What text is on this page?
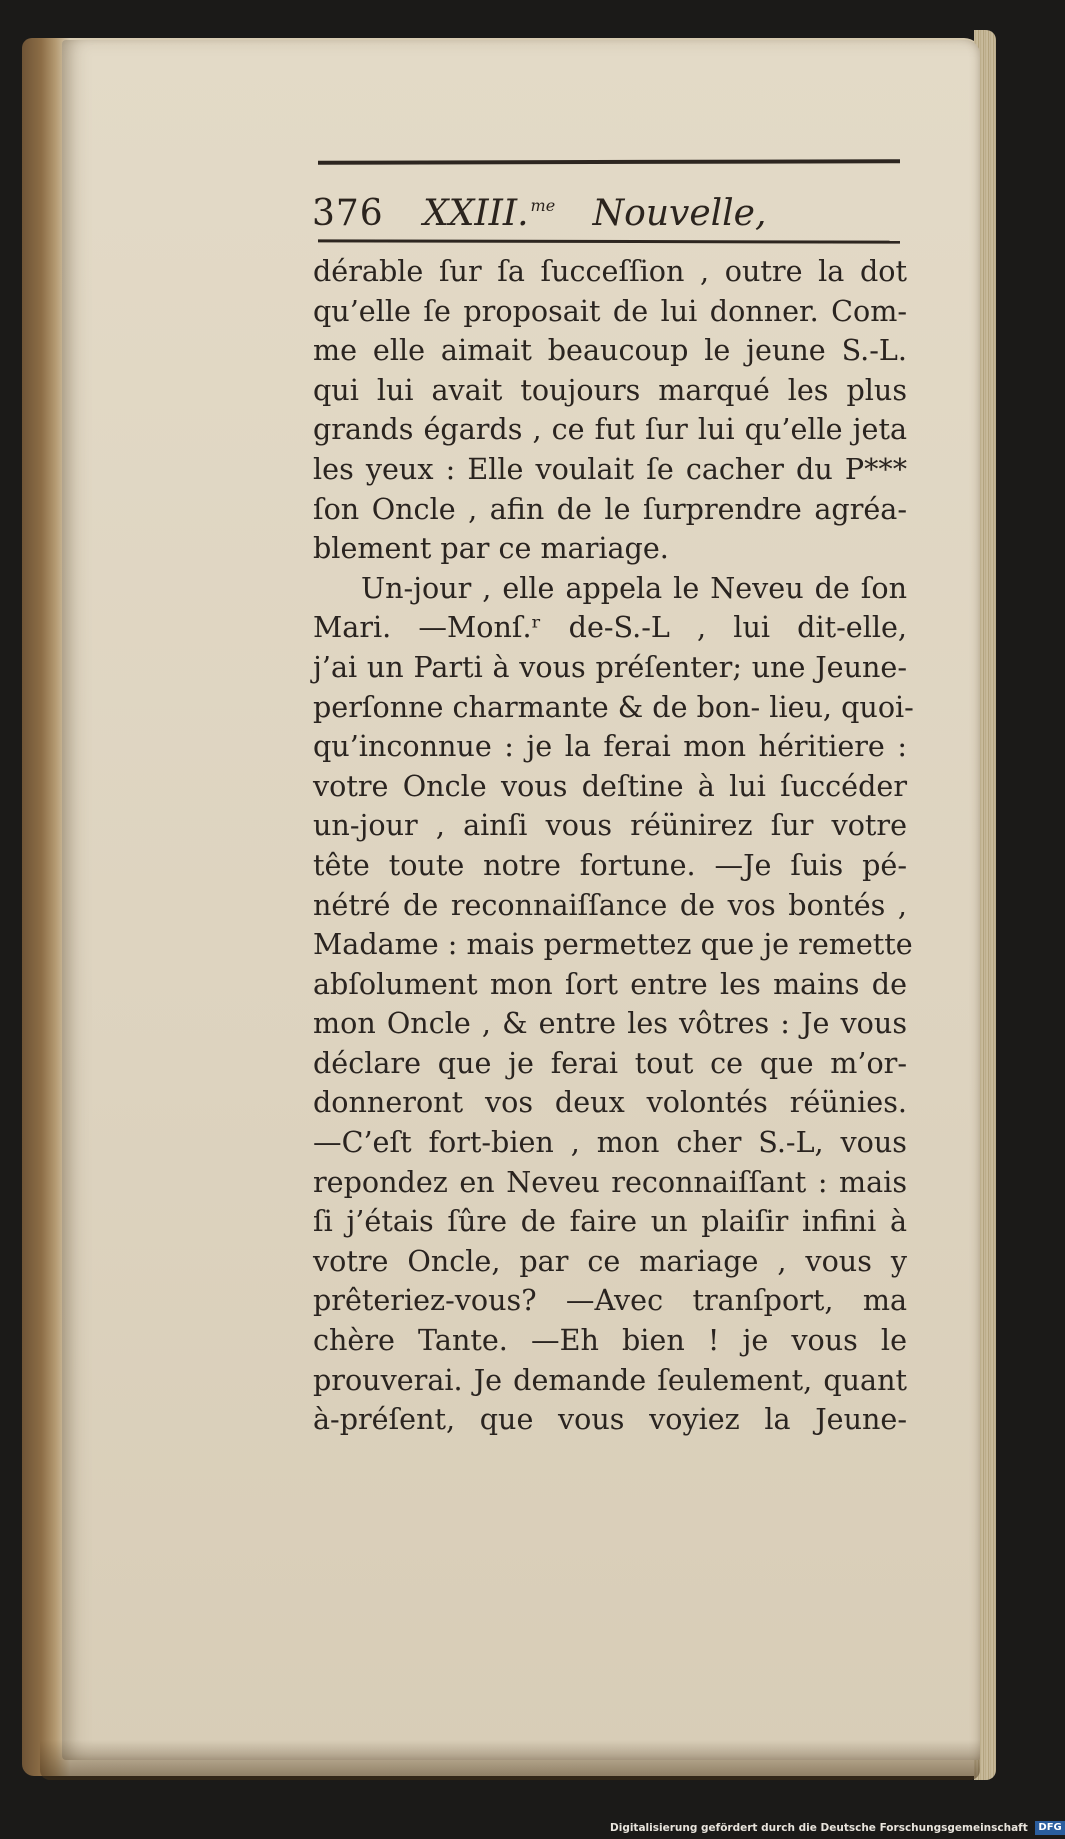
376 XXIII. $^{me}$ Nouvelle,
dérable ſur ſa ſucceſſion , outre la dot
qu’elle ſe proposait de lui donner. Com-
me elle aimait beaucoup le jeune S.-L.
qui lui avait toujours marqué les plus
grands égards , ce fut ſur lui qu’elle jeta
les yeux : Elle voulait ſe cacher du P***
ſon Oncle , afin de le ſurprendre agréa-
blement par ce mariage.
Un-jour , elle appela le Neveu de ſon
Mari. —Monſ.ʳ de-S.-L , lui dit-elle,
j’ai un Parti à vous préſenter; une Jeune-
perſonne charmante & de bon- lieu, quoi-
qu’inconnue : je la ferai mon héritiere :
votre Oncle vous deſtine à lui ſuccéder
un-jour , ainſi vous réünirez ſur votre
tête toute notre fortune. —Je ſuis pé-
nétré de reconnaiſſance de vos bontés ,
Madame : mais permettez que je remette
abſolument mon ſort entre les mains de
mon Oncle , & entre les vôtres : Je vous
déclare que je ferai tout ce que m’or-
donneront vos deux volontés réünies.
—C’eſt fort-bien , mon cher S.-L, vous
repondez en Neveu reconnaiſſant : mais
ſi j’étais ſûre de faire un plaiſir infini à
votre Oncle, par ce mariage , vous y
prêteriez-vous? —Avec tranſport, ma
chère Tante. —Eh bien ! je vous le
prouverai. Je demande ſeulement, quant
à-préſent, que vous voyiez la Jeune-
Digitalisierung gefördert durch die Deutsche Forschungsgemeinschaft DFG
